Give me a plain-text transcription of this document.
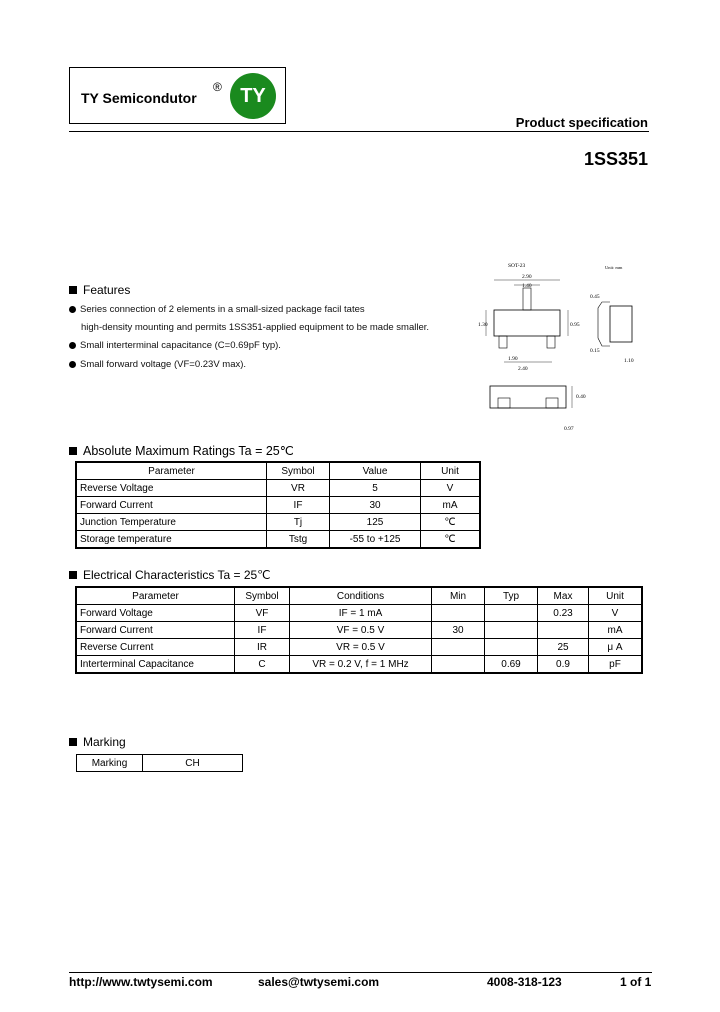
TY Semicondutor
® TY
Product specification
1SS351
Features
Series connection of 2 elements in a small-sized package facil tates
high-density mounting and permits 1SS351-applied equipment to be made smaller.
Small interterminal capacitance (C=0.69pF typ).
Small forward voltage (VF=0.23V max).
SOT-23	Unit: mm
2.90
1.40
1.30	0.95
1.90
2.40
0.45
0.15
1.10
0.40
0.97
Absolute Maximum Ratings Ta = 25℃
Parameter	Symbol	Value	Unit
Reverse Voltage	VR	5	V
Forward Current	IF	30	mA
Junction Temperature	Tj	125	℃
Storage temperature	Tstg	-55 to +125	℃
Electrical Characteristics Ta = 25℃
Parameter	Symbol	Conditions	Min	Typ	Max	Unit
Forward Voltage	VF	IF = 1 mA			0.23	V
Forward Current	IF	VF = 0.5 V	30			mA
Reverse Current	IR	VR = 0.5 V			25	μ A
Interterminal Capacitance	C	VR = 0.2 V, f = 1 MHz		0.69	0.9	pF
Marking
Marking	CH
http://www.twtysemi.com	sales@twtysemi.com	4008-318-123	1 of 1
